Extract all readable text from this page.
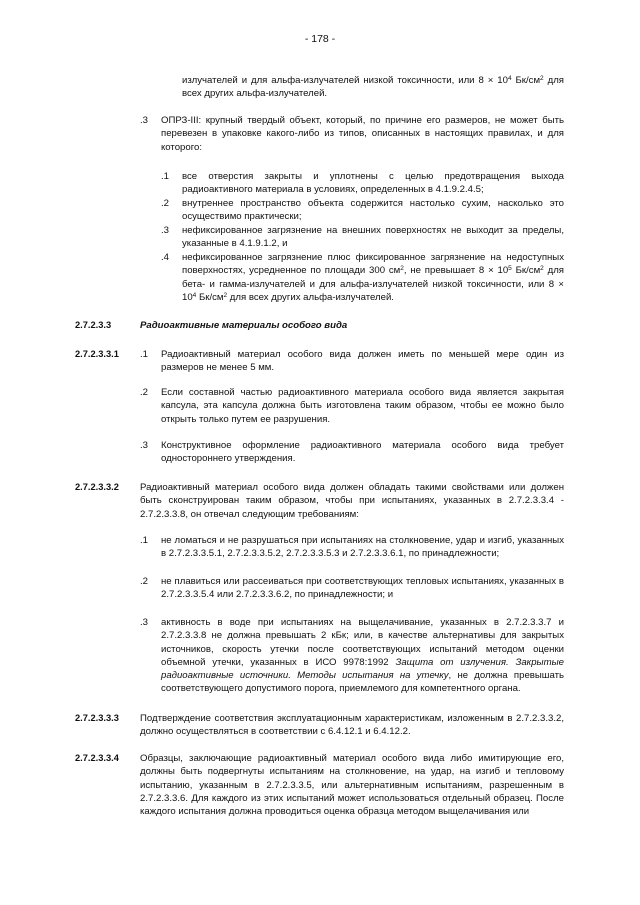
- 178 -
излучателей и для альфа-излучателей низкой токсичности, или $8 \times 10^4$ $Бк/см^2$ для всех других альфа-излучателей.
.3 ОПРЗ-III: крупный твердый объект, который, по причине его размеров, не может быть перевезен в упаковке какого-либо из типов, описанных в настоящих правилах, и для которого:
.1 все отверстия закрыты и уплотнены с целью предотвращения выхода радиоактивного материала в условиях, определенных в 4.1.9.2.4.5;
.2 внутреннее пространство объекта содержится настолько сухим, насколько это осуществимо практически;
.3 нефиксированное загрязнение на внешних поверхностях не выходит за пределы, указанные в 4.1.9.1.2, и
.4 нефиксированное загрязнение плюс фиксированное загрязнение на недоступных поверхностях, усредненное по площади 300 $см^2$, не превышает $8 \times 10^5$ $Бк/см^2$ для бета- и гамма-излучателей и для альфа-излучателей низкой токсичности, или $8 \times 10^4$ $Бк/см^2$ для всех других альфа-излучателей.
2.7.2.3.3	Радиоактивные материалы особого вида
2.7.2.3.3.1 .1 Радиоактивный материал особого вида должен иметь по меньшей мере один из размеров не менее 5 мм.
.2 Если составной частью радиоактивного материала особого вида является закрытая капсула, эта капсула должна быть изготовлена таким образом, чтобы ее можно было открыть только путем ее разрушения.
.3 Конструктивное оформление радиоактивного материала особого вида требует одностороннего утверждения.
2.7.2.3.3.2 Радиоактивный материал особого вида должен обладать такими свойствами или должен быть сконструирован таким образом, чтобы при испытаниях, указанных в 2.7.2.3.3.4 - 2.7.2.3.3.8, он отвечал следующим требованиям:
.1 не ломаться и не разрушаться при испытаниях на столкновение, удар и изгиб, указанных в 2.7.2.3.3.5.1, 2.7.2.3.3.5.2, 2.7.2.3.3.5.3 и 2.7.2.3.3.6.1, по принадлежности;
.2 не плавиться или рассеиваться при соответствующих тепловых испытаниях, указанных в 2.7.2.3.3.5.4 или 2.7.2.3.3.6.2, по принадлежности; и
.3 активность в воде при испытаниях на выщелачивание, указанных в 2.7.2.3.3.7 и 2.7.2.3.3.8 не должна превышать 2 кБк; или, в качестве альтернативы для закрытых источников, скорость утечки после соответствующих испытаний методом оценки объемной утечки, указанных в ИСО 9978:1992 Защита от излучения. Закрытые радиоактивные источники. Методы испытания на утечку, не должна превышать соответствующего допустимого порога, приемлемого для компетентного органа.
2.7.2.3.3.3 Подтверждение соответствия эксплуатационным характеристикам, изложенным в 2.7.2.3.3.2, должно осуществляться в соответствии с 6.4.12.1 и 6.4.12.2.
2.7.2.3.3.4 Образцы, заключающие радиоактивный материал особого вида либо имитирующие его, должны быть подвергнуты испытаниям на столкновение, на удар, на изгиб и тепловому испытанию, указанным в 2.7.2.3.3.5, или альтернативным испытаниям, разрешенным в 2.7.2.3.3.6. Для каждого из этих испытаний может использоваться отдельный образец. После каждого испытания должна проводиться оценка образца методом выщелачивания или
